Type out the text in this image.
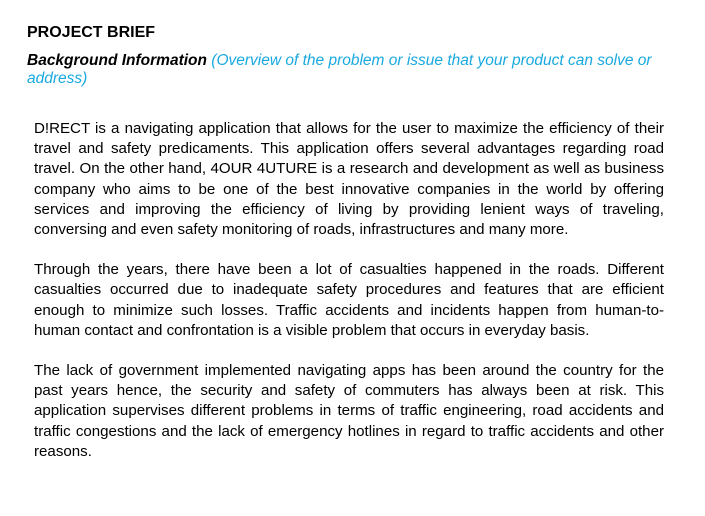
PROJECT BRIEF
Background Information (Overview of the problem or issue that your product can solve or address)

D!RECT is a navigating application that allows for the user to maximize the efficiency of their travel and safety predicaments. This application offers several advantages regarding road travel. On the other hand, 4OUR 4UTURE is a research and development as well as business company who aims to be one of the best innovative companies in the world by offering services and improving the efficiency of living by providing lenient ways of traveling, conversing and even safety monitoring of roads, infrastructures and many more.

Through the years, there have been a lot of casualties happened in the roads. Different casualties occurred due to inadequate safety procedures and features that are efficient enough to minimize such losses. Traffic accidents and incidents happen from human-to-human contact and confrontation is a visible problem that occurs in everyday basis.

The lack of government implemented navigating apps has been around the country for the past years hence, the security and safety of commuters has always been at risk. This application supervises different problems in terms of traffic engineering, road accidents and traffic congestions and the lack of emergency hotlines in regard to traffic accidents and other reasons.
